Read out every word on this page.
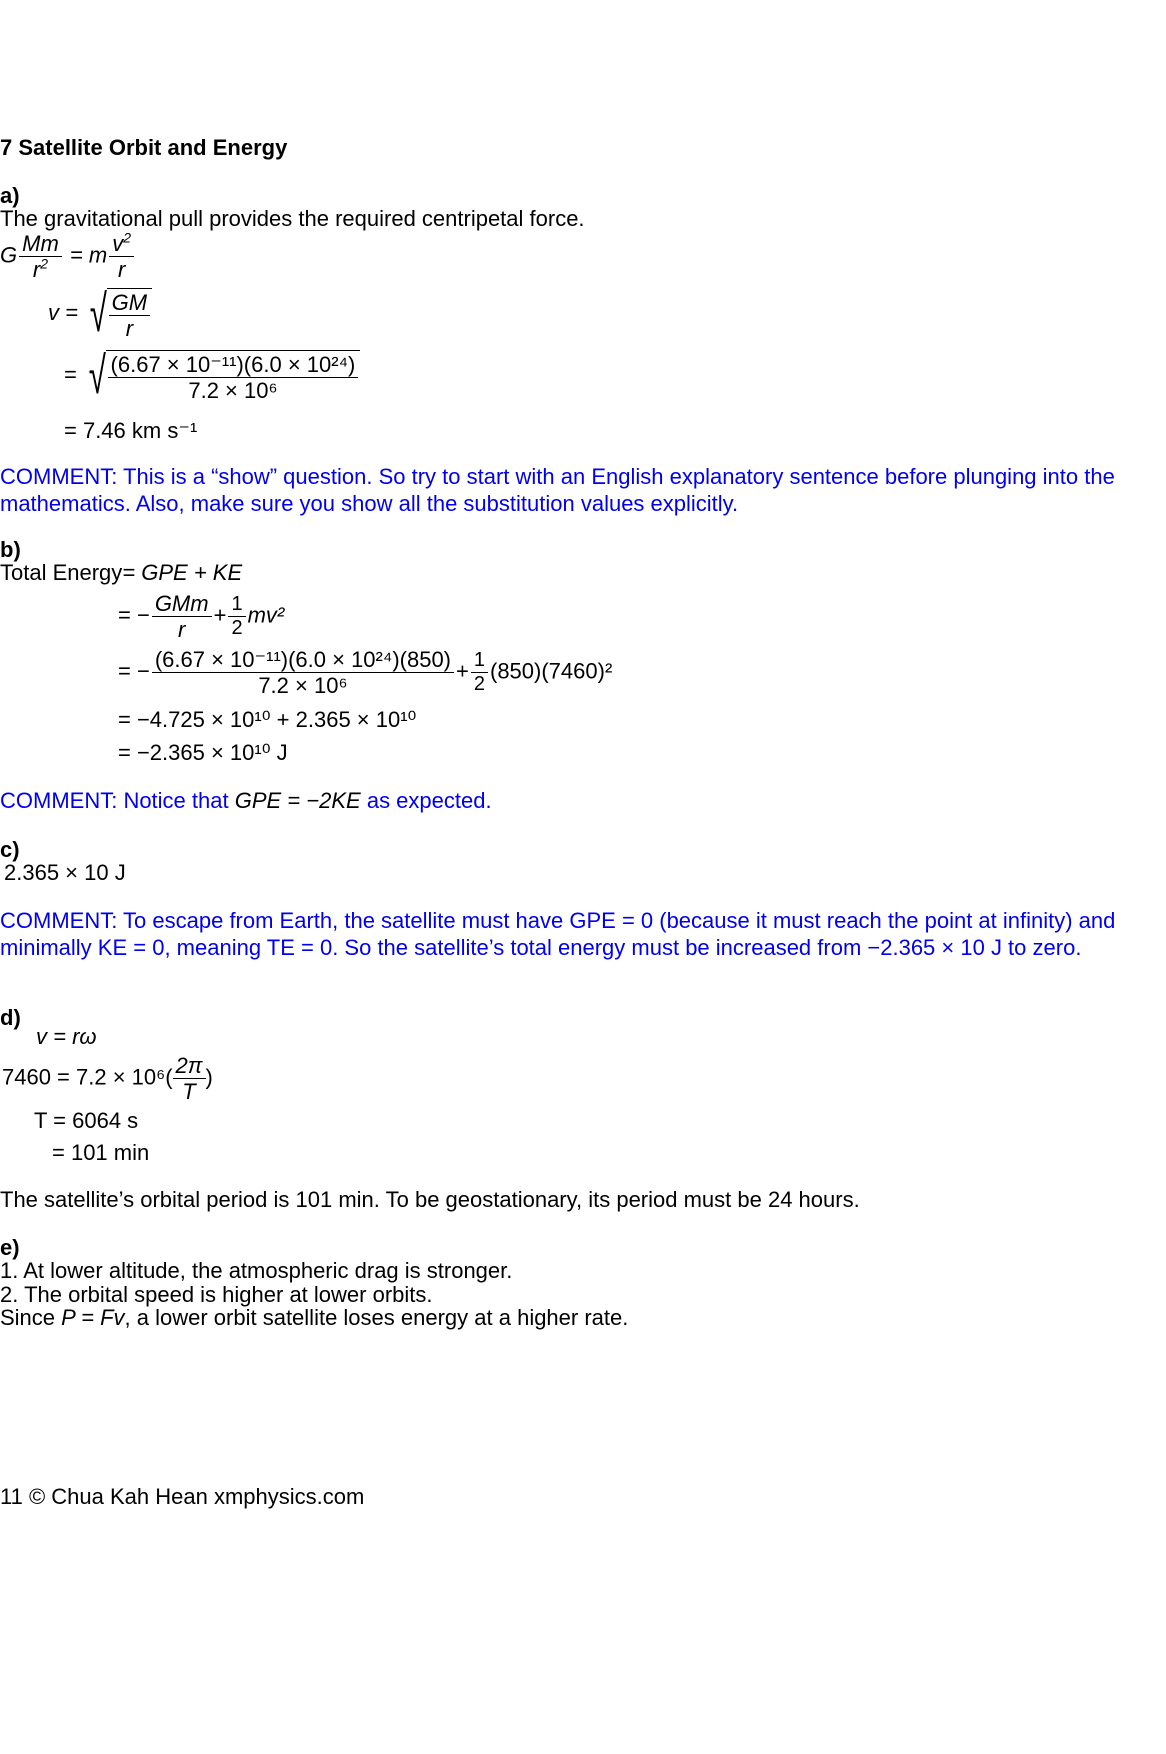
7 Satellite Orbit and Energy
a)
The gravitational pull provides the required centripetal force.
G $\frac{Mm}{r^2} = m \frac{v^2}{r}$
v = √ $\frac{GM}{r}$
= √ $\frac{\text{(6.67 × 10⁻¹¹)(6.0 × 10²⁴)}}{\text{7.2 × 10⁶}}$
= 7.46 km s⁻¹
COMMENT: This is a “show” question. So try to start with an English explanatory sentence before plunging into the mathematics. Also, make sure you show all the substitution values explicitly.
b)
Total Energy= GPE + KE
= − $\frac{\text{GMm}}{r} + \frac{1}{2} mv^2$
= − $\frac{\text{(6.67 × 10⁻¹¹)(6.0 × 10²⁴)(850)}}{\text{7.2 × 10⁶}} + \frac{1}{2} (850)(7460)^2$
= −4.725 × 10¹⁰ + 2.365 × 10¹⁰
= −2.365 × 10¹⁰ J
COMMENT: Notice that GPE = −2KE as expected.
c)
2.365 × 10 J
COMMENT: To escape from Earth, the satellite must have GPE = 0 (because it must reach the point at infinity) and minimally KE = 0, meaning TE = 0. So the satellite’s total energy must be increased from −2.365 × 10 J to zero.
d)
v = rω
$7460 = 7.2 \times 10^6( \frac{2\pi}{T}$ )
T = 6064 s
= 101 min
The satellite’s orbital period is 101 min. To be geostationary, its period must be 24 hours.
e)
1. At lower altitude, the atmospheric drag is stronger.
2. The orbital speed is higher at lower orbits.
Since P = Fv, a lower orbit satellite loses energy at a higher rate.
11 © Chua Kah Hean xmphysics.com
